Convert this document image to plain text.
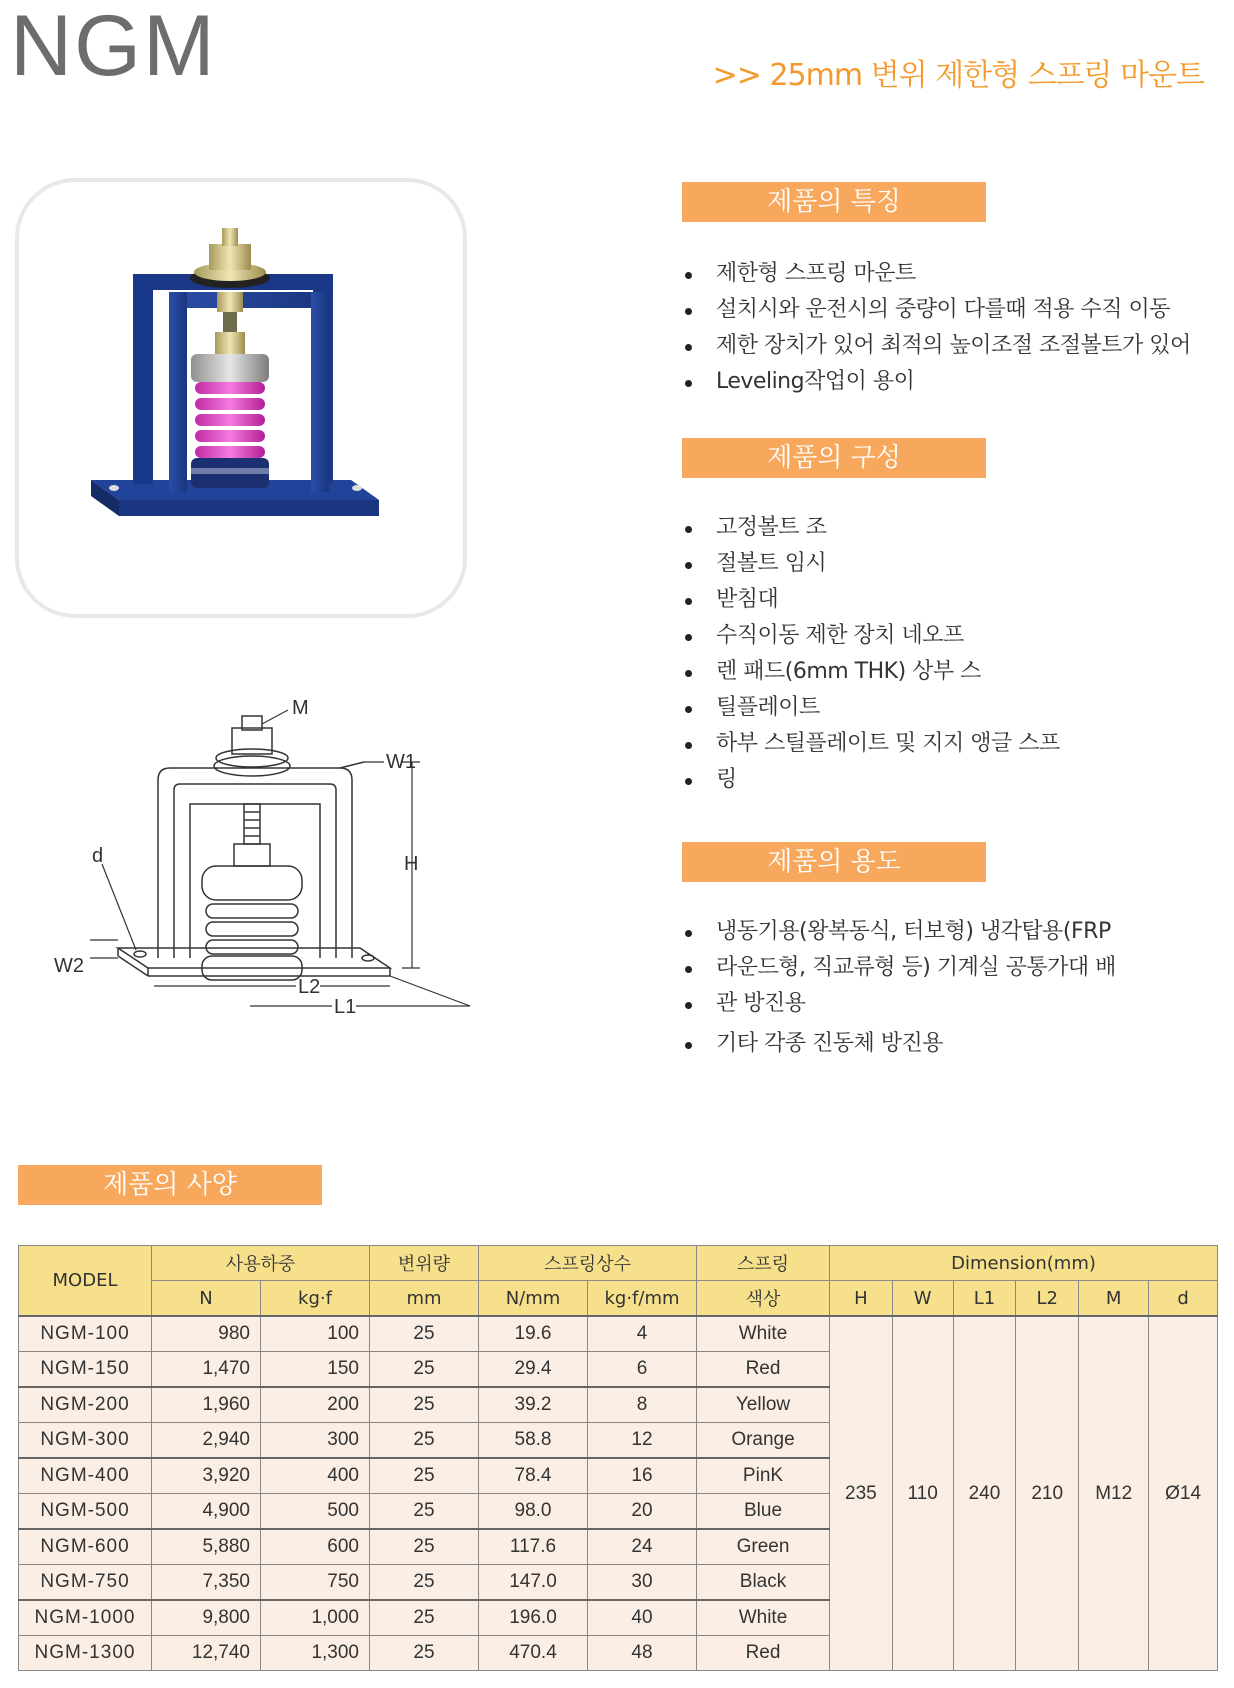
NGM	>> 25mm 변위 제한형 스프링 마운트
M
W1
H
d
W2
L2
L1
제품의 특징
제한형 스프링 마운트
설치시와 운전시의 중량이 다를때 적용 수직 이동
제한 장치가 있어 최적의 높이조절 조절볼트가 있어
Leveling작업이 용이
제품의 구성
고정볼트 조
절볼트 임시
받침대
수직이동 제한 장치 네오프
렌 패드(6mm THK) 상부 스
틸플레이트
하부 스틸플레이트 및 지지 앵글 스프
링
제품의 용도
냉동기용(왕복동식, 터보형) 냉각탑용(FRP
라운드형, 직교류형 등) 기계실 공통가대 배
관 방진용
기타 각종 진동체 방진용
제품의 사양
MODEL	사용하중		변위량	스프링상수		스프링	Dimension(mm)					
	N	kg·f	mm	N/mm	kg·f/mm	색상	H	W	L1	L2	M	d
NGM-100	980	100	25	19.6	4	White	235	110	240	210	M12	Ø14
NGM-150	1,470	150	25	29.4	6	Red						
NGM-200	1,960	200	25	39.2	8	Yellow						
NGM-300	2,940	300	25	58.8	12	Orange						
NGM-400	3,920	400	25	78.4	16	PinK						
NGM-500	4,900	500	25	98.0	20	Blue						
NGM-600	5,880	600	25	117.6	24	Green						
NGM-750	7,350	750	25	147.0	30	Black						
NGM-1000	9,800	1,000	25	196.0	40	White						
NGM-1300	12,740	1,300	25	470.4	48	Red						
